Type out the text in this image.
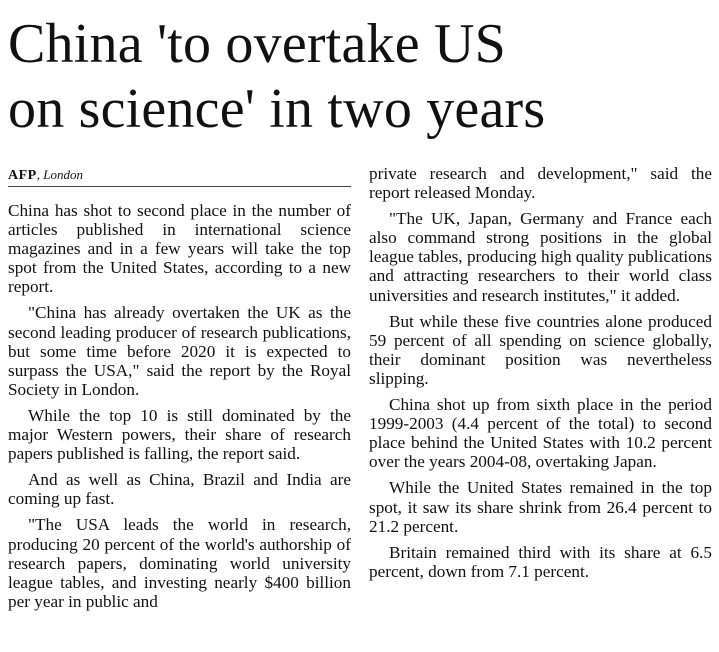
China 'to overtake US
on science' in two years
AFP, London

China has shot to second place in the number of articles published in international science magazines and in a few years will take the top spot from the United States, according to a new report.

"China has already overtaken the UK as the second leading producer of research publications, but some time before 2020 it is expected to surpass the USA," said the report by the Royal Society in London.

While the top 10 is still dominated by the major Western powers, their share of research papers published is falling, the report said.

And as well as China, Brazil and India are coming up fast.

"The USA leads the world in research, producing 20 percent of the world's authorship of research papers, dominating world university league tables, and investing nearly $400 billion per year in public and

private research and development," said the report released Monday.

"The UK, Japan, Germany and France each also command strong positions in the global league tables, producing high quality publications and attracting researchers to their world class universities and research institutes," it added.

But while these five countries alone produced 59 percent of all spending on science globally, their dominant position was nevertheless slipping.

China shot up from sixth place in the period 1999-2003 (4.4 percent of the total) to second place behind the United States with 10.2 percent over the years 2004-08, overtaking Japan.

While the United States remained in the top spot, it saw its share shrink from 26.4 percent to 21.2 percent.

Britain remained third with its share at 6.5 percent, down from 7.1 percent.
